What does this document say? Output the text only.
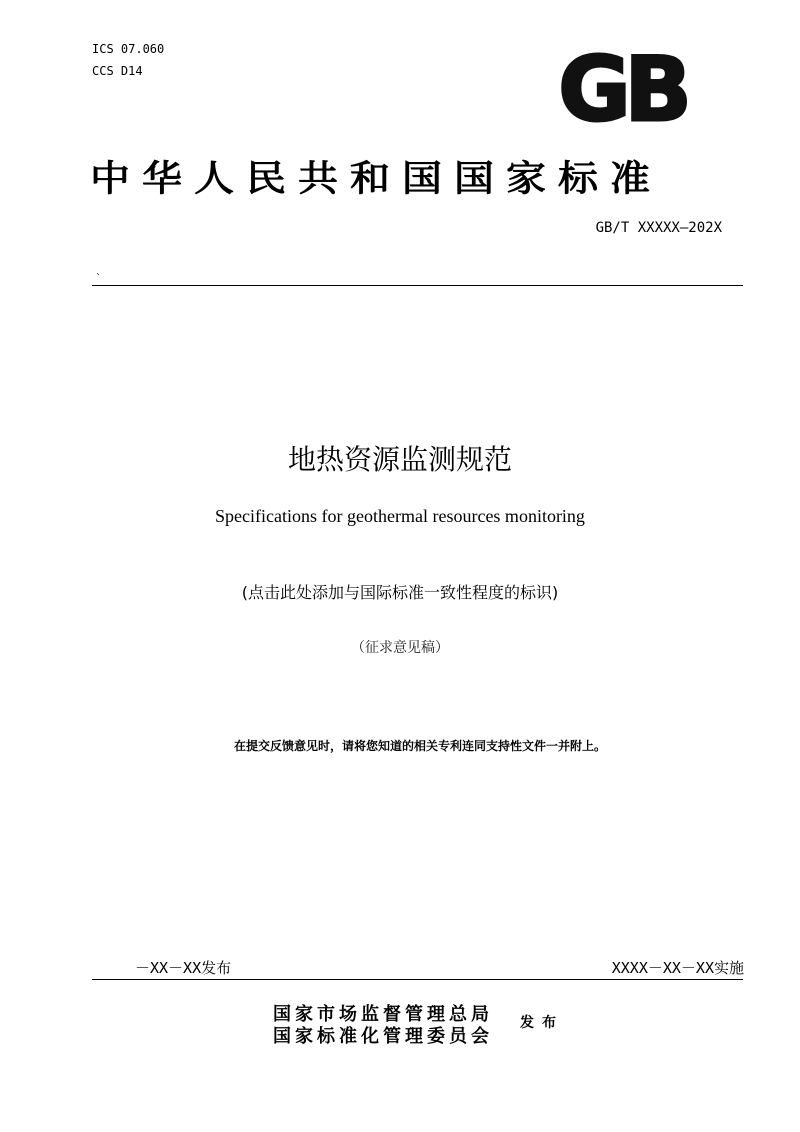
ICS 07.060
CCS D14	GB
中华人民共和国国家标准
GB/T XXXXX—202X
`
地热资源监测规范
Specifications for geothermal resources monitoring
(点击此处添加与国际标准一致性程度的标识)
（征求意见稿）
在提交反馈意见时，请将您知道的相关专利连同支持性文件一并附上。
－XX－XX发布	XXXX－XX－XX实施
国家市场监督管理总局
国家标准化管理委员会
发布
